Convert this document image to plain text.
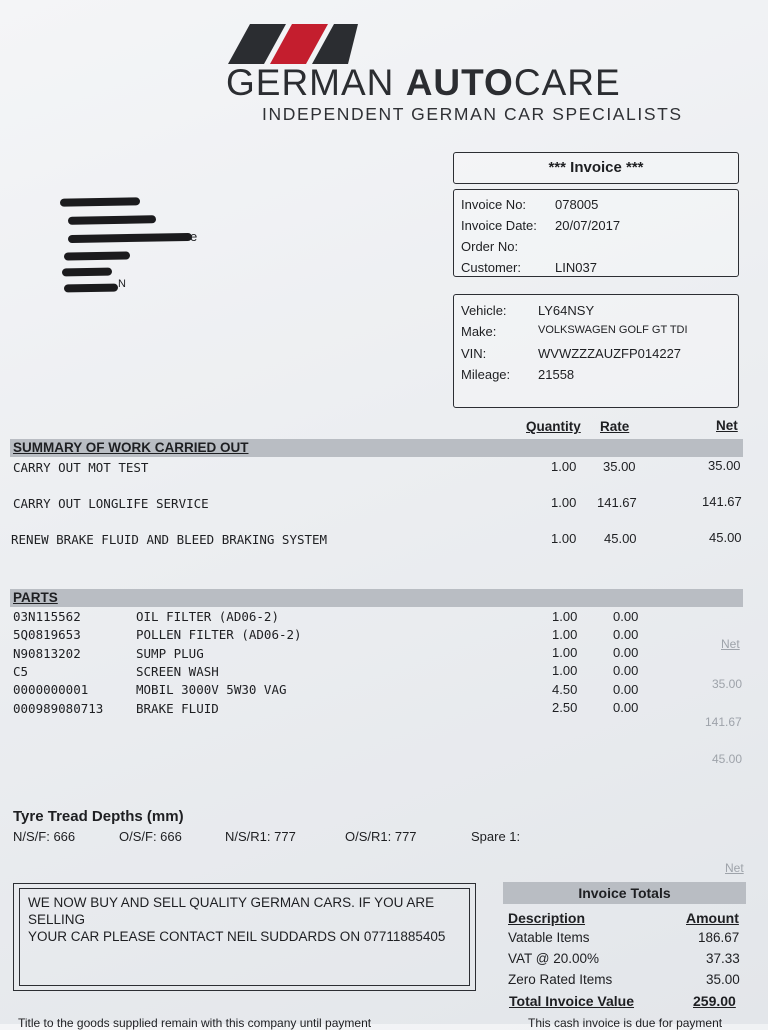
GERMAN AUTOCARE
INDEPENDENT GERMAN CAR SPECIALISTS
*** Invoice ***
Invoice No: 078005
Invoice Date: 20/07/2017
Order No:
Customer:	LIN037
e
N
Vehicle: LY64NSY
Make:	VOLKSWAGEN GOLF GT TDI
VIN:	WVWZZZAUZFP014227
Mileage: 21558
Quantity Rate	Net
SUMMARY OF WORK CARRIED OUT
CARRY OUT MOT TEST	1.00 35.00	35.00
CARRY OUT LONGLIFE SERVICE	1.00 141.67	141.67
RENEW BRAKE FLUID AND BLEED BRAKING SYSTEM	1.00 45.00	45.00
PARTS
03N115562	OIL FILTER (AD06-2)	1.00	0.00
5Q0819653	POLLEN FILTER (AD06-2)	1.00	0.00
N90813202	SUMP PLUG	1.00	0.00
C5	SCREEN WASH	1.00	0.00
0000000001	MOBIL 3000V 5W30 VAG	4.50	0.00
000989080713	BRAKE FLUID	2.50	0.00
Net
35.00
141.67
45.00
Net
Tyre Tread Depths (mm)
N/S/F: 666	O/S/F: 666	N/S/R1: 777	O/S/R1: 777	Spare 1:
WE NOW BUY AND SELL QUALITY GERMAN CARS. IF YOU ARE SELLING
YOUR CAR PLEASE CONTACT NEIL SUDDARDS ON 07711885405
Invoice Totals
Description	Amount
Vatable Items	186.67
VAT @ 20.00%	37.33
Zero Rated Items	35.00
Total Invoice Value	259.00
Title to the goods supplied remain with this company until payment	This cash invoice is due for payment
